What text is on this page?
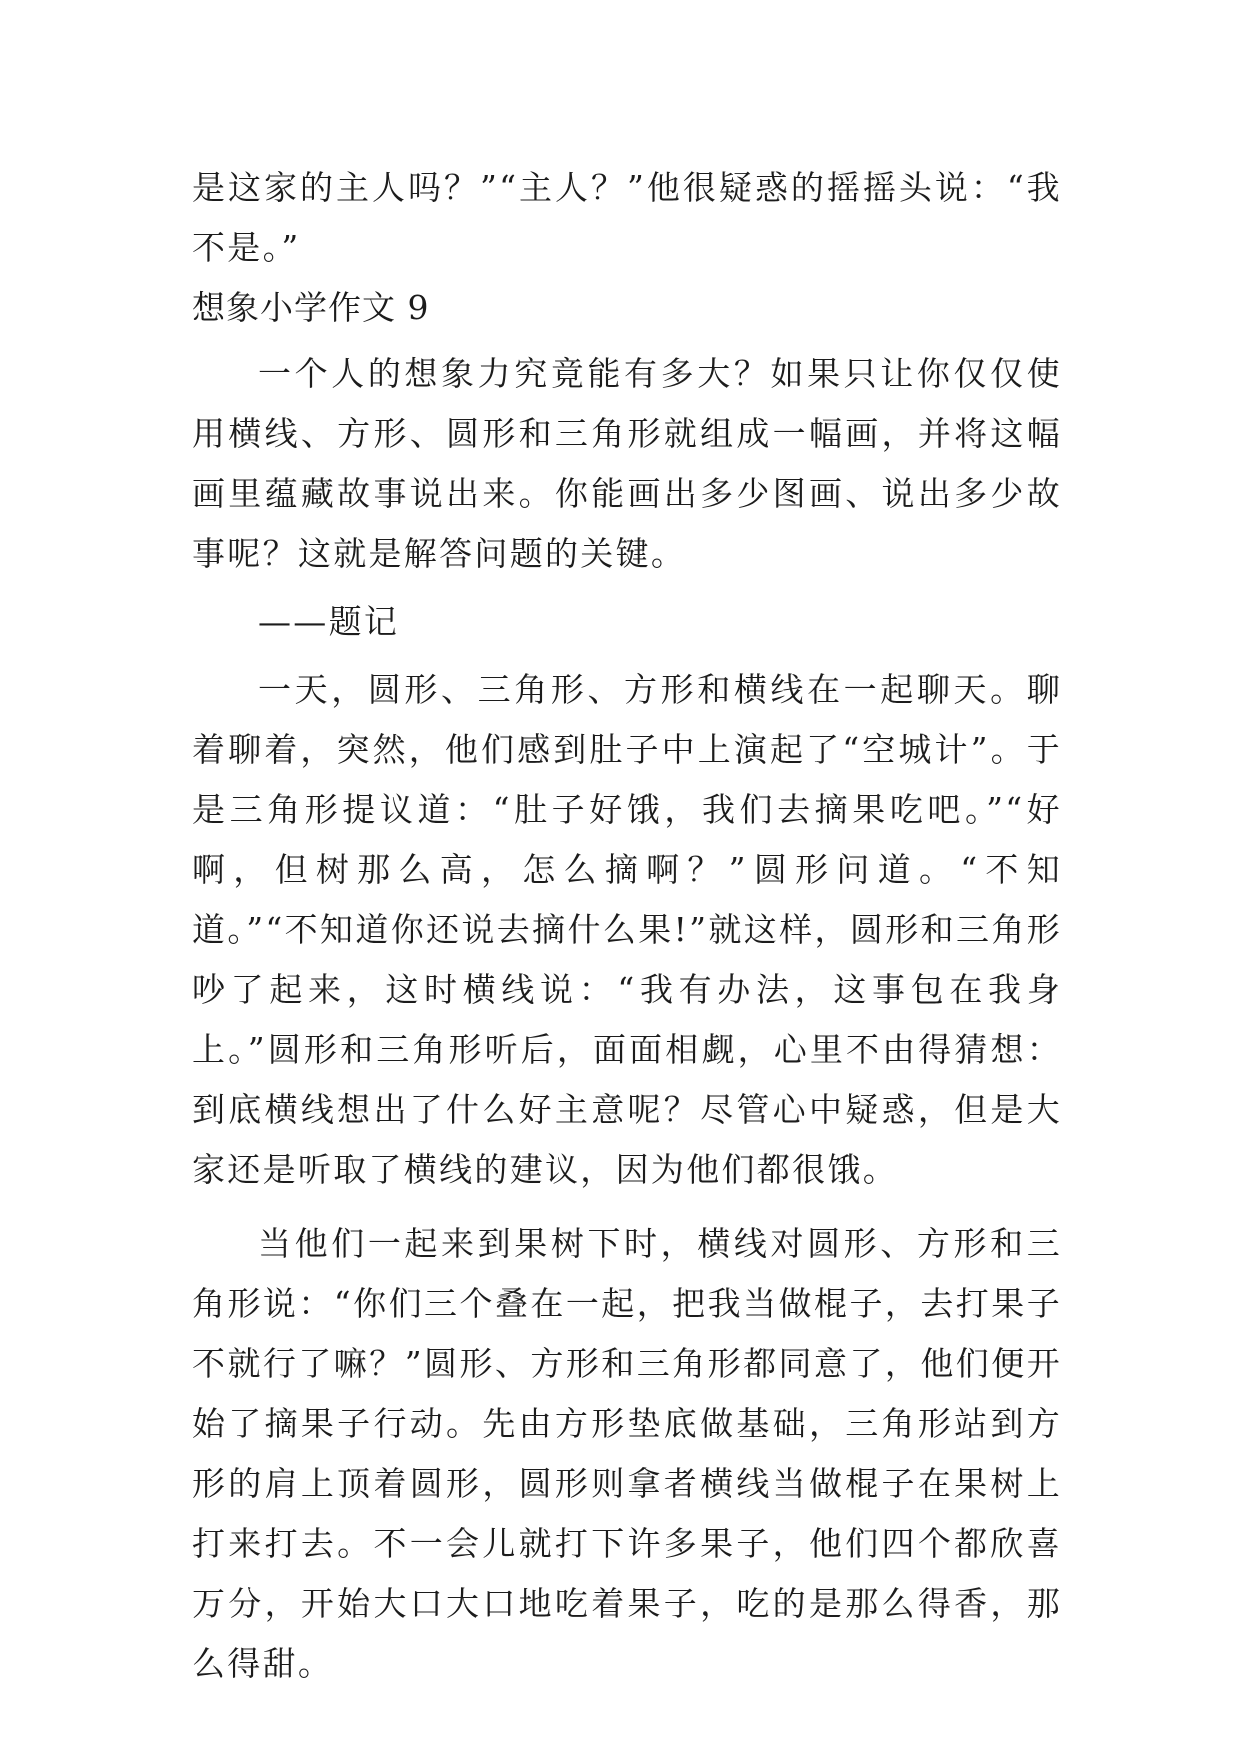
是这家的主人吗？”“主人？”他很疑惑的摇摇头说：“我不是。”

想象小学作文 9

一个人的想象力究竟能有多大？如果只让你仅仅使用横线、方形、圆形和三角形就组成一幅画，并将这幅画里蕴藏故事说出来。你能画出多少图画、说出多少故事呢？这就是解答问题的关键。

——题记

一天，圆形、三角形、方形和横线在一起聊天。聊着聊着，突然，他们感到肚子中上演起了“空城计”。于是三角形提议道：“肚子好饿，我们去摘果吃吧。”“好啊，但树那么高，怎么摘啊？”圆形问道。“不知道。”“不知道你还说去摘什么果!”就这样，圆形和三角形吵了起来，这时横线说：“我有办法，这事包在我身上。”圆形和三角形听后，面面相觑，心里不由得猜想：到底横线想出了什么好主意呢？尽管心中疑惑，但是大家还是听取了横线的建议，因为他们都很饿。

当他们一起来到果树下时，横线对圆形、方形和三角形说：“你们三个叠在一起，把我当做棍子，去打果子不就行了嘛？”圆形、方形和三角形都同意了，他们便开始了摘果子行动。先由方形垫底做基础，三角形站到方形的肩上顶着圆形，圆形则拿者横线当做棍子在果树上打来打去。不一会儿就打下许多果子，他们四个都欣喜万分，开始大口大口地吃着果子，吃的是那么得香，那么得甜。
